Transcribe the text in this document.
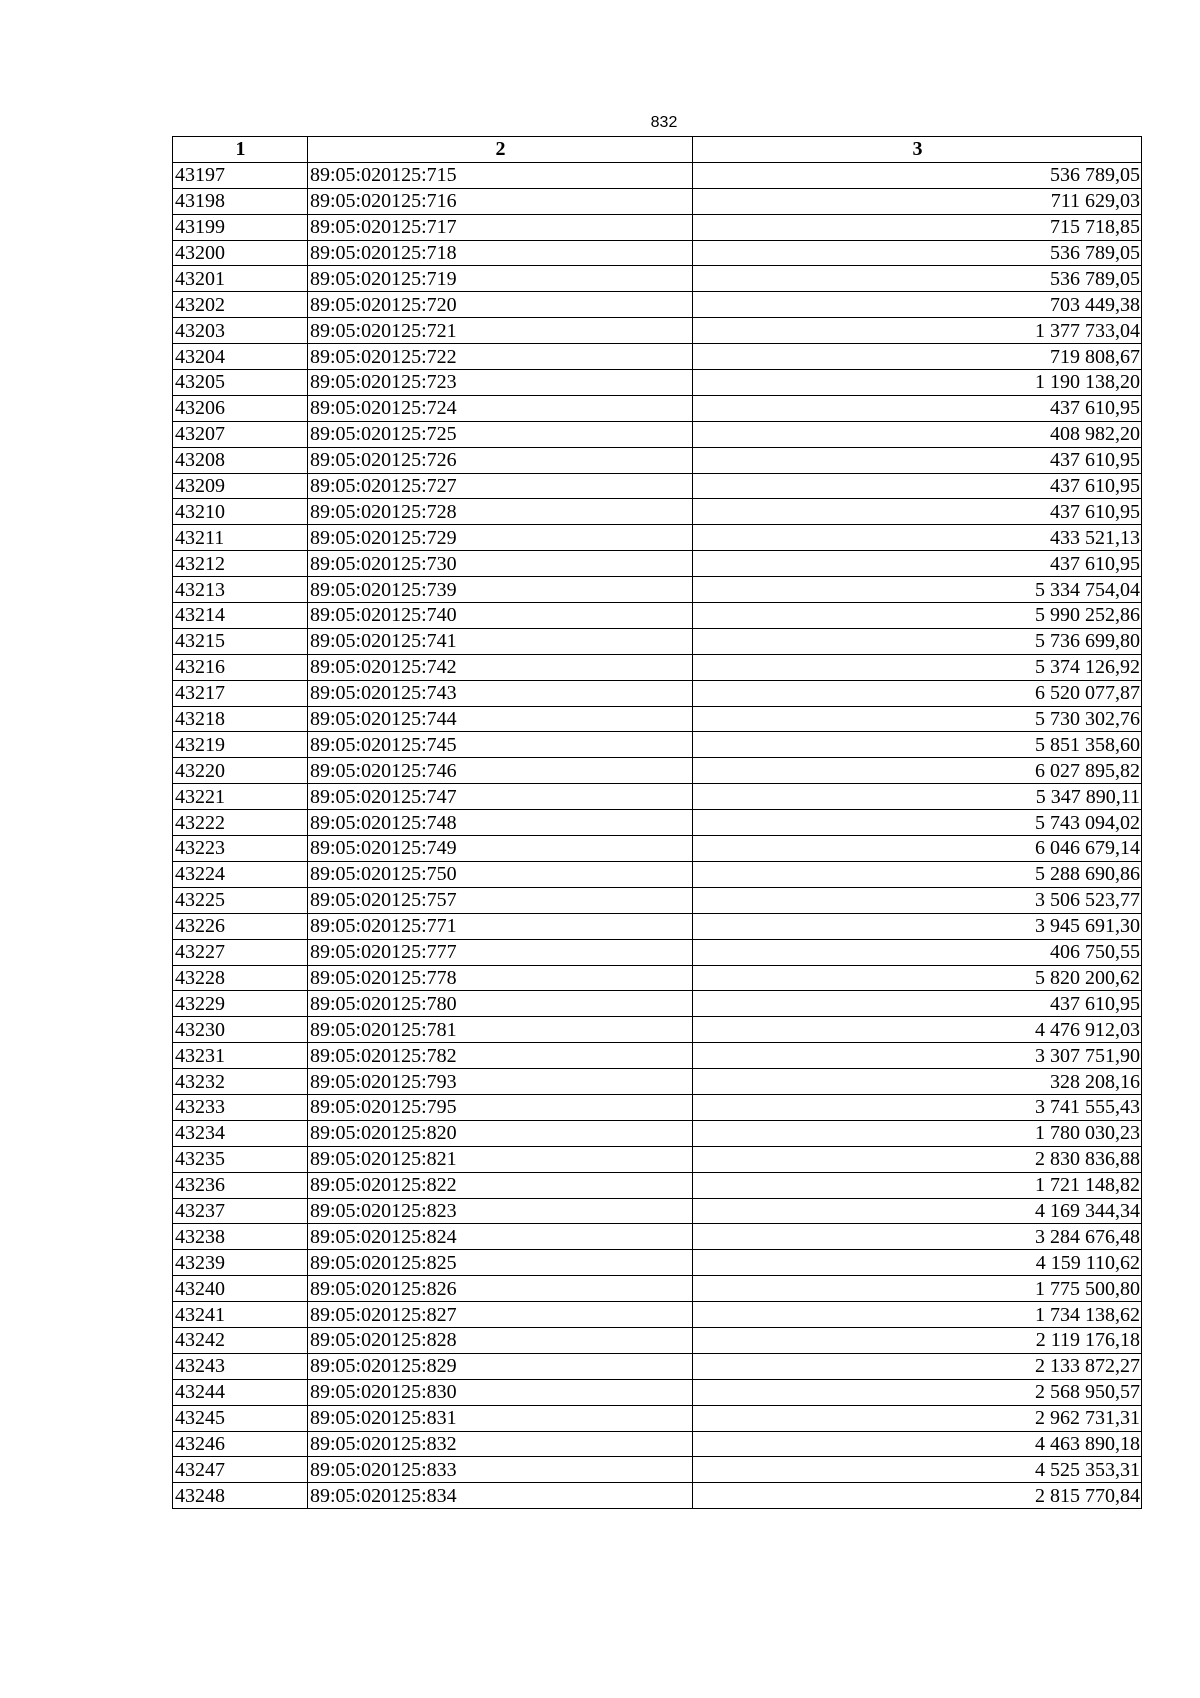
832
1	2	3
43197	89:05:020125:715	536 789,05
43198	89:05:020125:716	711 629,03
43199	89:05:020125:717	715 718,85
43200	89:05:020125:718	536 789,05
43201	89:05:020125:719	536 789,05
43202	89:05:020125:720	703 449,38
43203	89:05:020125:721	1 377 733,04
43204	89:05:020125:722	719 808,67
43205	89:05:020125:723	1 190 138,20
43206	89:05:020125:724	437 610,95
43207	89:05:020125:725	408 982,20
43208	89:05:020125:726	437 610,95
43209	89:05:020125:727	437 610,95
43210	89:05:020125:728	437 610,95
43211	89:05:020125:729	433 521,13
43212	89:05:020125:730	437 610,95
43213	89:05:020125:739	5 334 754,04
43214	89:05:020125:740	5 990 252,86
43215	89:05:020125:741	5 736 699,80
43216	89:05:020125:742	5 374 126,92
43217	89:05:020125:743	6 520 077,87
43218	89:05:020125:744	5 730 302,76
43219	89:05:020125:745	5 851 358,60
43220	89:05:020125:746	6 027 895,82
43221	89:05:020125:747	5 347 890,11
43222	89:05:020125:748	5 743 094,02
43223	89:05:020125:749	6 046 679,14
43224	89:05:020125:750	5 288 690,86
43225	89:05:020125:757	3 506 523,77
43226	89:05:020125:771	3 945 691,30
43227	89:05:020125:777	406 750,55
43228	89:05:020125:778	5 820 200,62
43229	89:05:020125:780	437 610,95
43230	89:05:020125:781	4 476 912,03
43231	89:05:020125:782	3 307 751,90
43232	89:05:020125:793	328 208,16
43233	89:05:020125:795	3 741 555,43
43234	89:05:020125:820	1 780 030,23
43235	89:05:020125:821	2 830 836,88
43236	89:05:020125:822	1 721 148,82
43237	89:05:020125:823	4 169 344,34
43238	89:05:020125:824	3 284 676,48
43239	89:05:020125:825	4 159 110,62
43240	89:05:020125:826	1 775 500,80
43241	89:05:020125:827	1 734 138,62
43242	89:05:020125:828	2 119 176,18
43243	89:05:020125:829	2 133 872,27
43244	89:05:020125:830	2 568 950,57
43245	89:05:020125:831	2 962 731,31
43246	89:05:020125:832	4 463 890,18
43247	89:05:020125:833	4 525 353,31
43248	89:05:020125:834	2 815 770,84
